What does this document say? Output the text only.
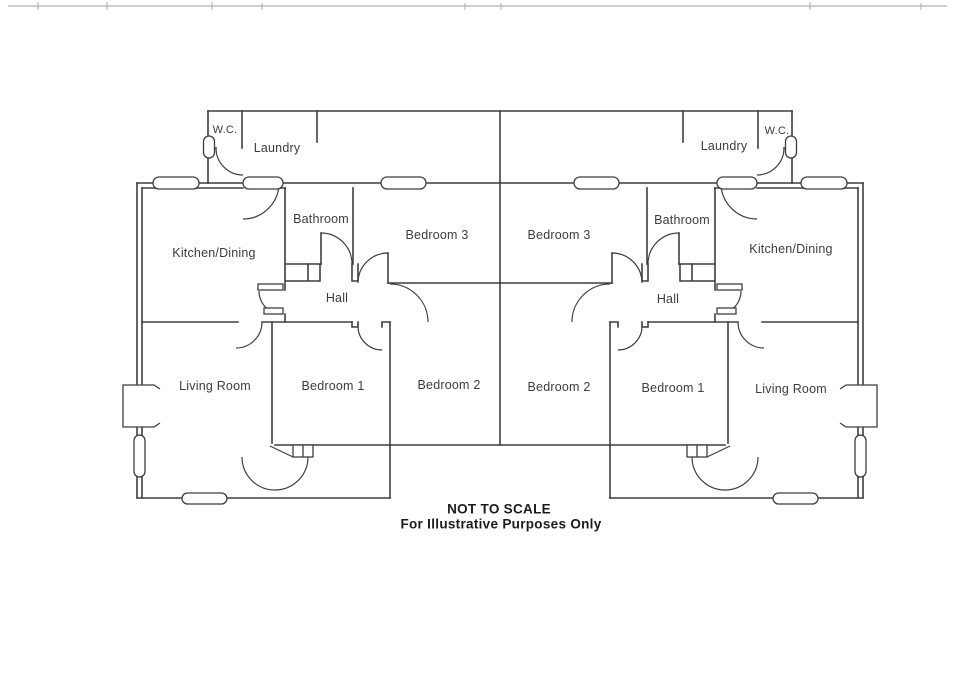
W.C.
Laundry
Kitchen/Dining
Bathroom
Bedroom 3
Hall
Living Room	Bedroom 1	Bedroom 2
W.C.
Laundry
Kitchen/Dining
Bathroom
Bedroom 3
Hall
Living Room
Bedroom 1
Bedroom 2
NOT TO SCALE
For Illustrative Purposes Only
